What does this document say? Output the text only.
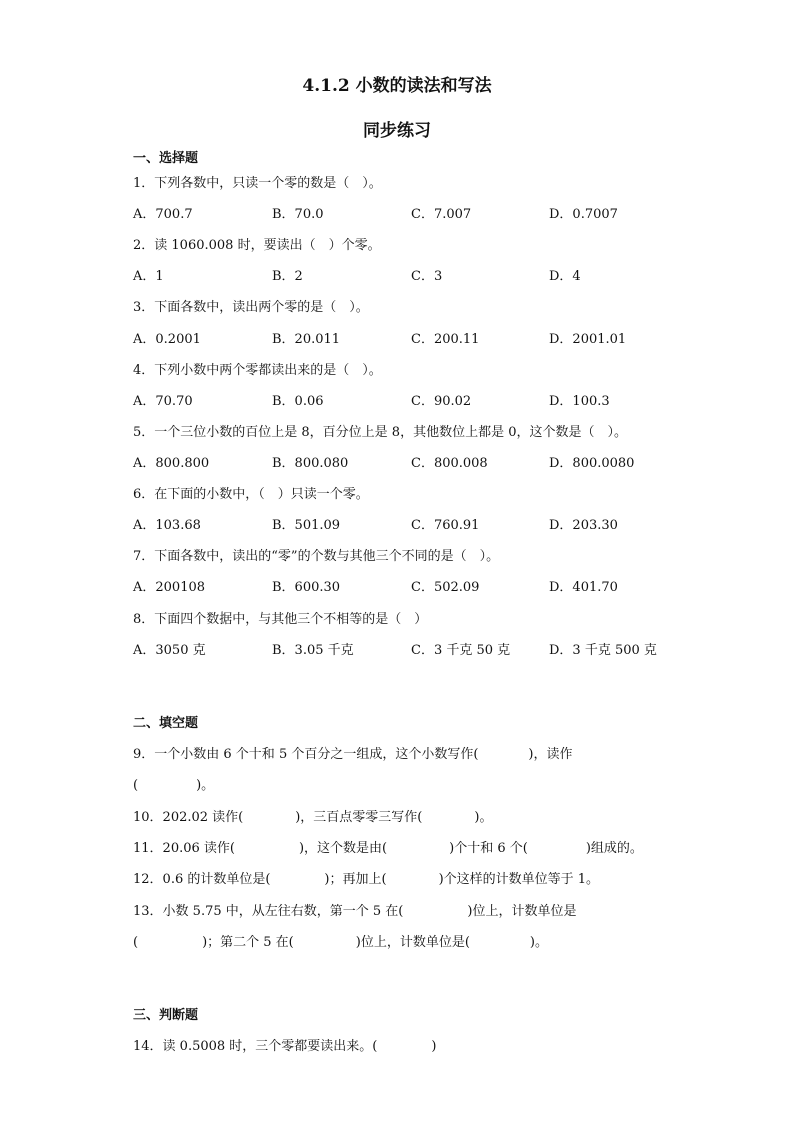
4.1.2 小数的读法和写法
同步练习
一、选择题
1．下列各数中，只读一个零的数是（　）。
A．700.7	B．70.0	C．7.007	D．0.7007
2．读 1060.008 时，要读出（　）个零。
A．1	B．2	C．3	D．4
3．下面各数中，读出两个零的是（　）。
A．0.2001	B．20.011	C．200.11	D．2001.01
4．下列小数中两个零都读出来的是（　）。
A．70.70	B．0.06	C．90.02	D．100.3
5．一个三位小数的百位上是 8，百分位上是 8，其他数位上都是 0，这个数是（　）。
A．800.800	B．800.080	C．800.008	D．800.0080
6．在下面的小数中，（　）只读一个零。
A．103.68	B．501.09	C．760.91	D．203.30
7．下面各数中，读出的“零”的个数与其他三个不同的是（　）。
A．200108	B．600.30	C．502.09	D．401.70
8．下面四个数据中，与其他三个不相等的是（　）
A．3050 克	B．3.05 千克	C．3 千克 50 克	D．3 千克 500 克
二、填空题
9．一个小数由 6 个十和 5 个百分之一组成，这个小数写作(	)，读作
(	)。
10．202.02 读作(	)，三百点零零三写作(	)。
11．20.06 读作(	)，这个数是由(	)个十和 6 个(	)组成的。
12．0.6 的计数单位是(	)；再加上(	)个这样的计数单位等于 1。
13．小数 5.75 中，从左往右数，第一个 5 在(	)位上，计数单位是
(	)；第二个 5 在(	)位上，计数单位是(	)。
三、判断题
14．读 0.5008 时，三个零都要读出来。(	)
